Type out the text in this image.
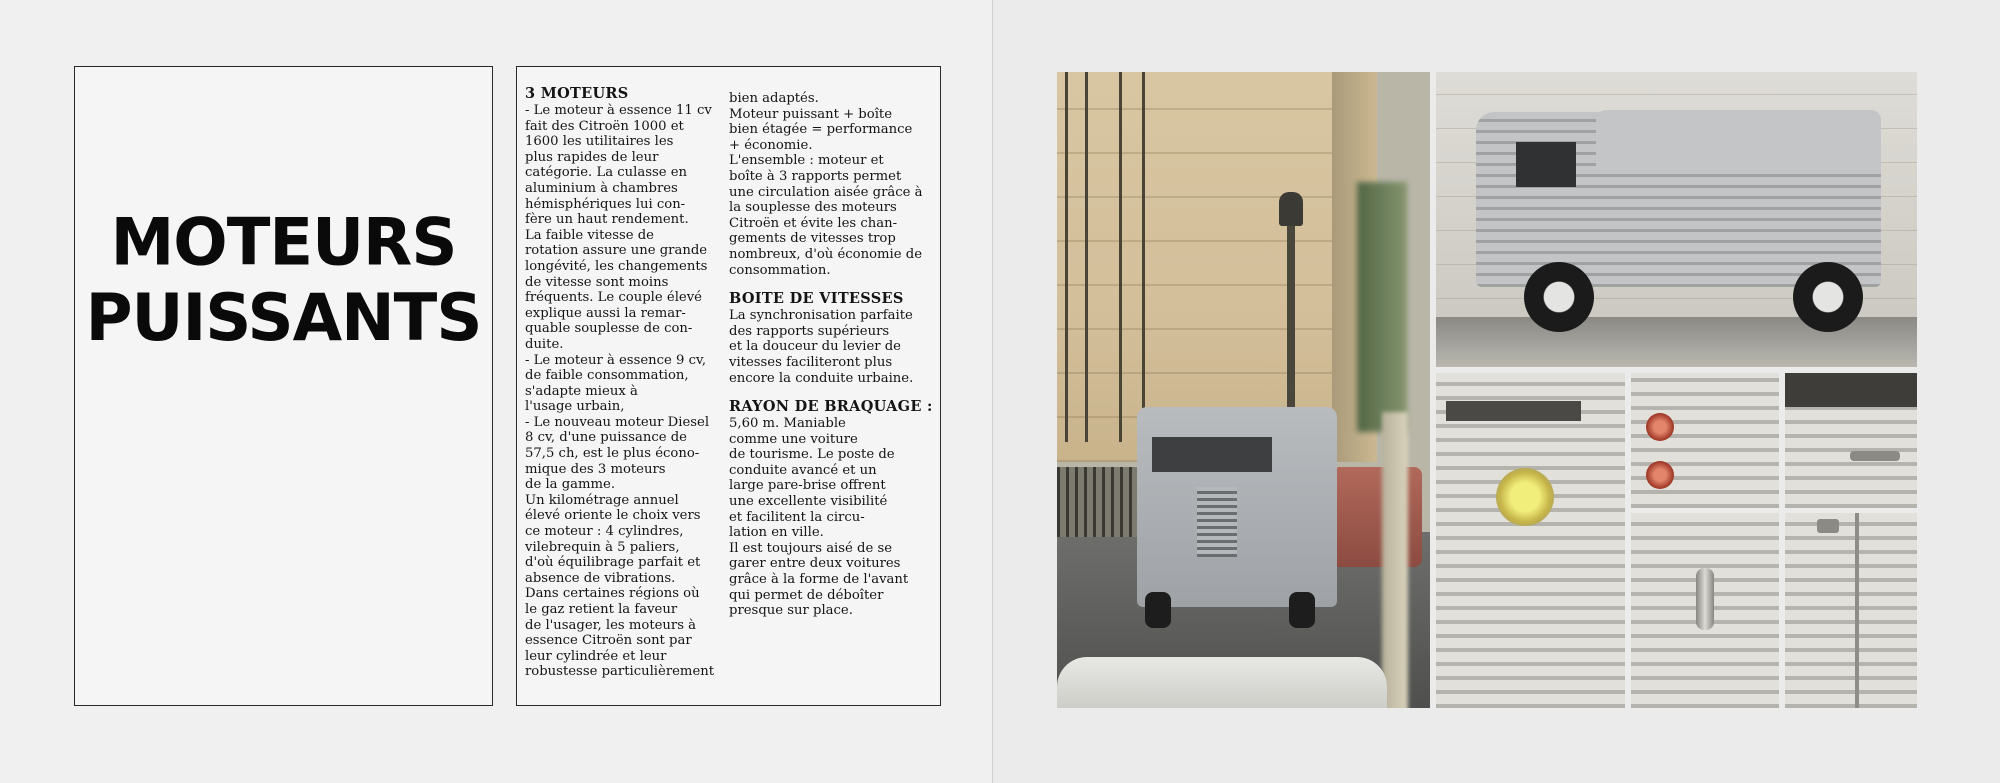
MOTEURS
PUISSANTS

3 MOTEURS

- Le moteur à essence 11 cv
fait des Citroën 1000 et
1600 les utilitaires les
plus rapides de leur
catégorie. La culasse en
aluminium à chambres
hémisphériques lui con-
fère un haut rendement.
La faible vitesse de
rotation assure une grande
longévité, les changements
de vitesse sont moins
fréquents. Le couple élevé
explique aussi la remar-
quable souplesse de con-
duite.
- Le moteur à essence 9 cv,
de faible consommation,
s'adapte mieux à
l'usage urbain,
- Le nouveau moteur Diesel
8 cv, d'une puissance de
57,5 ch, est le plus écono-
mique des 3 moteurs
de la gamme.
Un kilométrage annuel
élevé oriente le choix vers
ce moteur : 4 cylindres,
vilebrequin à 5 paliers,
d'où équilibrage parfait et
absence de vibrations.
Dans certaines régions où
le gaz retient la faveur
de l'usager, les moteurs à
essence Citroën sont par
leur cylindrée et leur
robustesse particulièrement

bien adaptés.
Moteur puissant + boîte
bien étagée = performance
+ économie.
L'ensemble : moteur et
boîte à 3 rapports permet
une circulation aisée grâce à
la souplesse des moteurs
Citroën et évite les chan-
gements de vitesses trop
nombreux, d'où économie de
consommation.

BOITE DE VITESSES

La synchronisation parfaite
des rapports supérieurs
et la douceur du levier de
vitesses faciliteront plus
encore la conduite urbaine.

RAYON DE BRAQUAGE :

5,60 m. Maniable
comme une voiture
de tourisme. Le poste de
conduite avancé et un
large pare-brise offrent
une excellente visibilité
et facilitent la circu-
lation en ville.
Il est toujours aisé de se
garer entre deux voitures
grâce à la forme de l'avant
qui permet de déboîter
presque sur place.
